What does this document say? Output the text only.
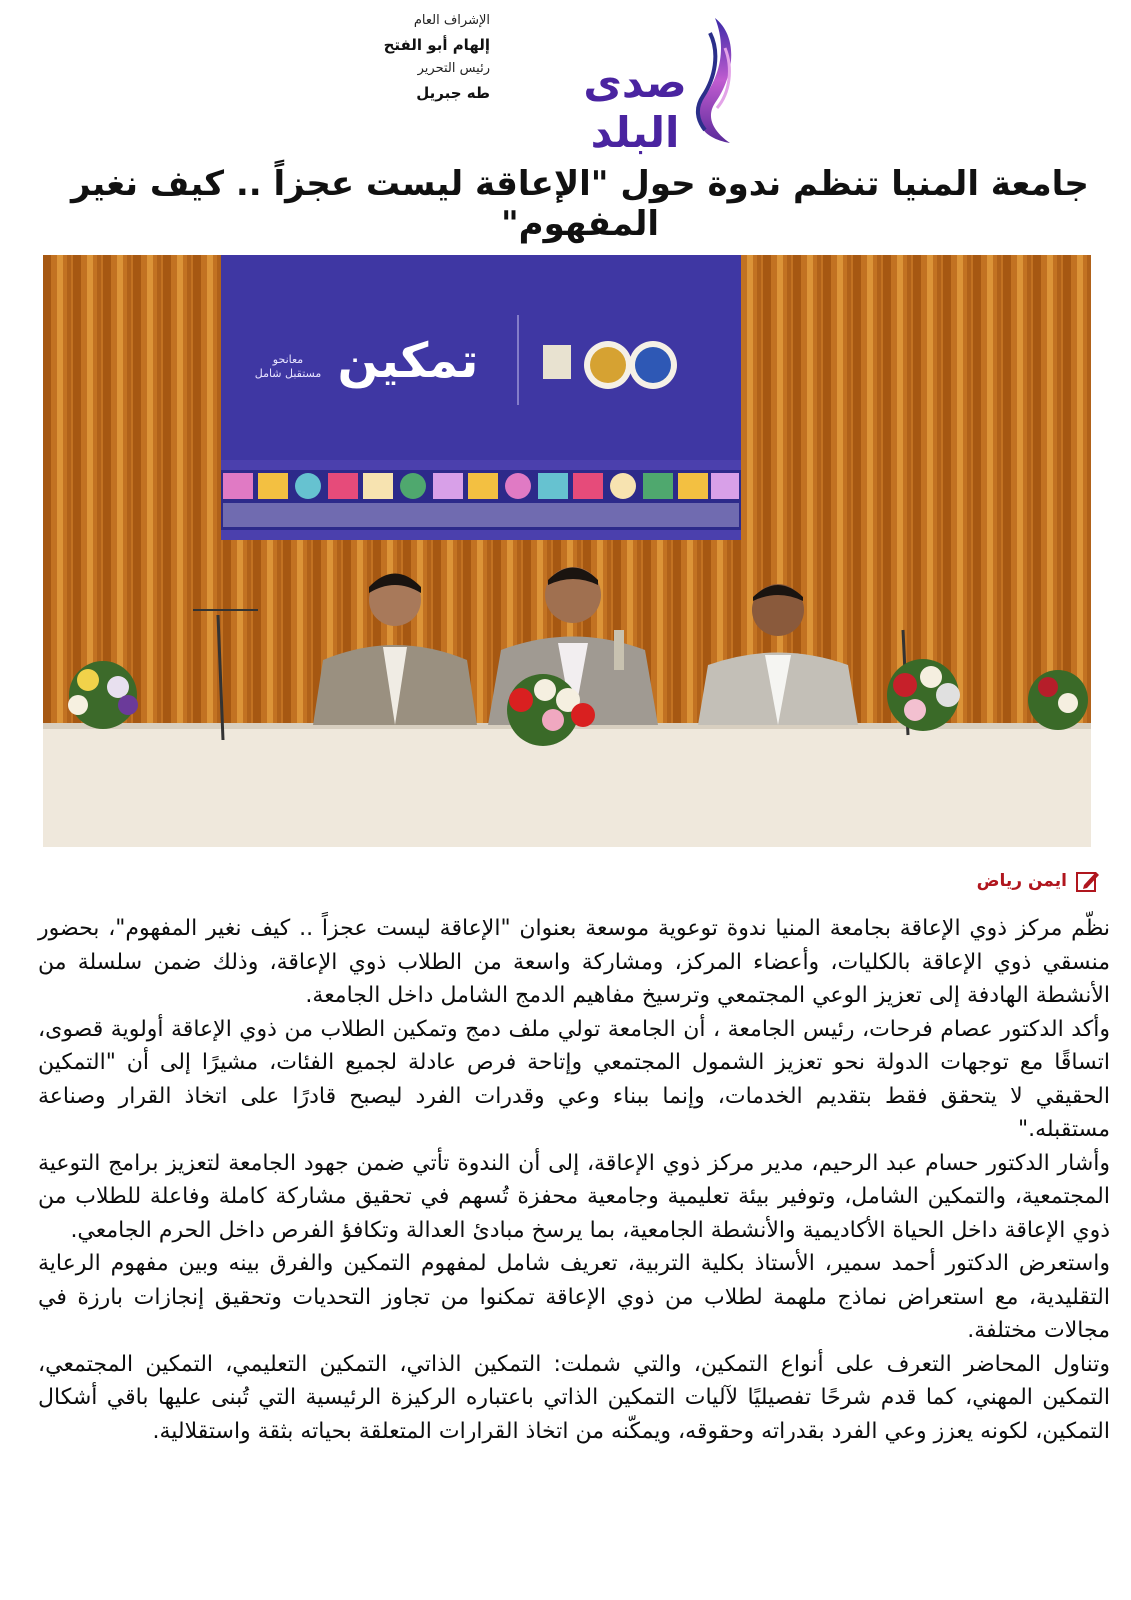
صدى البلد
الإشراف العام
إلهام أبو الفتح
رئيس التحرير
طه جبريل
جامعة المنيا تنظم ندوة حول "الإعاقة ليست عجزاً .. كيف نغير المفهوم"
تمكين
معانحو مستقبل شامل
ايمن رياض

نظّم مركز ذوي الإعاقة بجامعة المنيا ندوة توعوية موسعة بعنوان "الإعاقة ليست عجزاً .. كيف نغير المفهوم"، بحضور منسقي ذوي الإعاقة بالكليات، وأعضاء المركز، ومشاركة واسعة من الطلاب ذوي الإعاقة، وذلك ضمن سلسلة من الأنشطة الهادفة إلى تعزيز الوعي المجتمعي وترسيخ مفاهيم الدمج الشامل داخل الجامعة.

وأكد الدكتور عصام فرحات، رئيس الجامعة ، أن الجامعة تولي ملف دمج وتمكين الطلاب من ذوي الإعاقة أولوية قصوى، اتساقًا مع توجهات الدولة نحو تعزيز الشمول المجتمعي وإتاحة فرص عادلة لجميع الفئات، مشيرًا إلى أن "التمكين الحقيقي لا يتحقق فقط بتقديم الخدمات، وإنما ببناء وعي وقدرات الفرد ليصبح قادرًا على اتخاذ القرار وصناعة مستقبله."

وأشار الدكتور حسام عبد الرحيم، مدير مركز ذوي الإعاقة، إلى أن الندوة تأتي ضمن جهود الجامعة لتعزيز برامج التوعية المجتمعية، والتمكين الشامل، وتوفير بيئة تعليمية وجامعية محفزة تُسهم في تحقيق مشاركة كاملة وفاعلة للطلاب من ذوي الإعاقة داخل الحياة الأكاديمية والأنشطة الجامعية، بما يرسخ مبادئ العدالة وتكافؤ الفرص داخل الحرم الجامعي.

واستعرض الدكتور أحمد سمير، الأستاذ بكلية التربية، تعريف شامل لمفهوم التمكين والفرق بينه وبين مفهوم الرعاية التقليدية، مع استعراض نماذج ملهمة لطلاب من ذوي الإعاقة تمكنوا من تجاوز التحديات وتحقيق إنجازات بارزة في مجالات مختلفة.

وتناول المحاضر التعرف على أنواع التمكين، والتي شملت: التمكين الذاتي، التمكين التعليمي، التمكين المجتمعي، التمكين المهني، كما قدم شرحًا تفصيليًا لآليات التمكين الذاتي باعتباره الركيزة الرئيسية التي تُبنى عليها باقي أشكال التمكين، لكونه يعزز وعي الفرد بقدراته وحقوقه، ويمكّنه من اتخاذ القرارات المتعلقة بحياته بثقة واستقلالية.
